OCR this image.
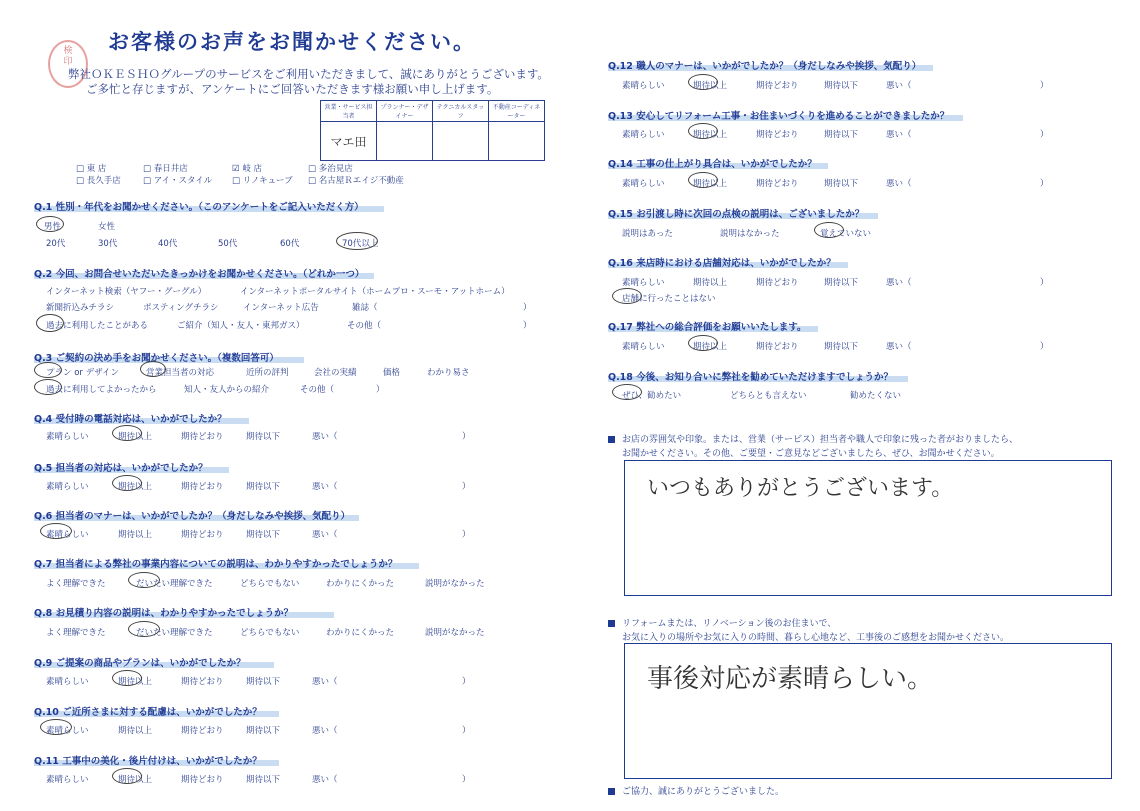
お客様のお声をお聞かせください。
検
印
弊社ＯＫＥＳＨＯグループのサービスをご利用いただきまして、誠にありがとうございます。
ご多忙と存じますが、アンケートにご回答いただきます様お願い申し上げます。
営業・サービス担当者	プランナー・デザイナー	テクニカルスタッフ	不動産コーディネーター
マエ田			
□ 東 店	□ 春日井店	☑ 岐 店	□ 多治見店
□ 長久手店	□ アイ・スタイル □ リノキューブ □ 名古屋Ｒエイジ不動産
Q.1 性別・年代をお聞かせください。（このアンケートをご記入いただく方）
男性	女性
20代	30代	40代	50代	60代	70代以上
Q.2 今回、お問合せいただいたきっかけをお聞かせください。（どれか一つ）
インターネット検索（ヤフー・グーグル）	インターネットポータルサイト（ホームプロ・スーモ・アットホーム）
新聞折込みチラシ	ポスティングチラシ	インターネット広告	雑誌（	）
過去に利用したことがある	ご紹介（知人・友人・東邦ガス）	その他（	）
Q.3 ご契約の決め手をお聞かせください。（複数回答可）
プラン or デザイン	営業担当者の対応	近所の評判	会社の実績	価格	わかり易さ
過去に利用してよかったから	知人・友人からの紹介	その他（	）
Q.4 受付時の電話対応は、いかがでしたか？
素晴らしい	期待以上	期待どおり	期待以下	悪い（	）
Q.5 担当者の対応は、いかがでしたか？
素晴らしい	期待以上	期待どおり	期待以下	悪い（	）
Q.6 担当者のマナーは、いかがでしたか？（身だしなみや挨拶、気配り）
素晴らしい	期待以上	期待どおり	期待以下	悪い（	）
Q.7 担当者による弊社の事業内容についての説明は、わかりやすかったでしょうか？
よく理解できた	だいたい理解できた	どちらでもない	わかりにくかった	説明がなかった
Q.8 お見積り内容の説明は、わかりやすかったでしょうか？
よく理解できた	だいたい理解できた	どちらでもない	わかりにくかった	説明がなかった
Q.9 ご提案の商品やプランは、いかがでしたか？
素晴らしい	期待以上	期待どおり	期待以下	悪い（	）
Q.10 ご近所さまに対する配慮は、いかがでしたか？
素晴らしい	期待以上	期待どおり	期待以下	悪い（	）
Q.11 工事中の美化・後片付けは、いかがでしたか？
素晴らしい	期待以上	期待どおり	期待以下	悪い（	）
Q.12 職人のマナーは、いかがでしたか？（身だしなみや挨拶、気配り）
素晴らしい	期待以上	期待どおり	期待以下	悪い（	）
Q.13 安心してリフォーム工事・お住まいづくりを進めることができましたか？
素晴らしい	期待以上	期待どおり	期待以下	悪い（	）
Q.14 工事の仕上がり具合は、いかがでしたか？
素晴らしい	期待以上	期待どおり	期待以下	悪い（	）
Q.15 お引渡し時に次回の点検の説明は、ございましたか？
説明はあった	説明はなかった	覚えていない
Q.16 来店時における店舗対応は、いかがでしたか？
素晴らしい	期待以上	期待どおり	期待以下	悪い（	）
店舗に行ったことはない
Q.17 弊社への総合評価をお願いいたします。
素晴らしい	期待以上	期待どおり	期待以下	悪い（	）
Q.18 今後、お知り合いに弊社を勧めていただけますでしょうか？
ぜひ、勧めたい	どちらとも言えない	勧めたくない
お店の雰囲気や印象。または、営業（サービス）担当者や職人で印象に残った者がおりましたら、
お聞かせください。その他、ご要望・ご意見などございましたら、ぜひ、お聞かせください。
いつもありがとうございます。
リフォームまたは、リノベーション後のお住まいで、
お気に入りの場所やお気に入りの時間、暮らし心地など、工事後のご感想をお聞かせください。
事後対応が素晴らしい。
ご協力、誠にありがとうございました。
